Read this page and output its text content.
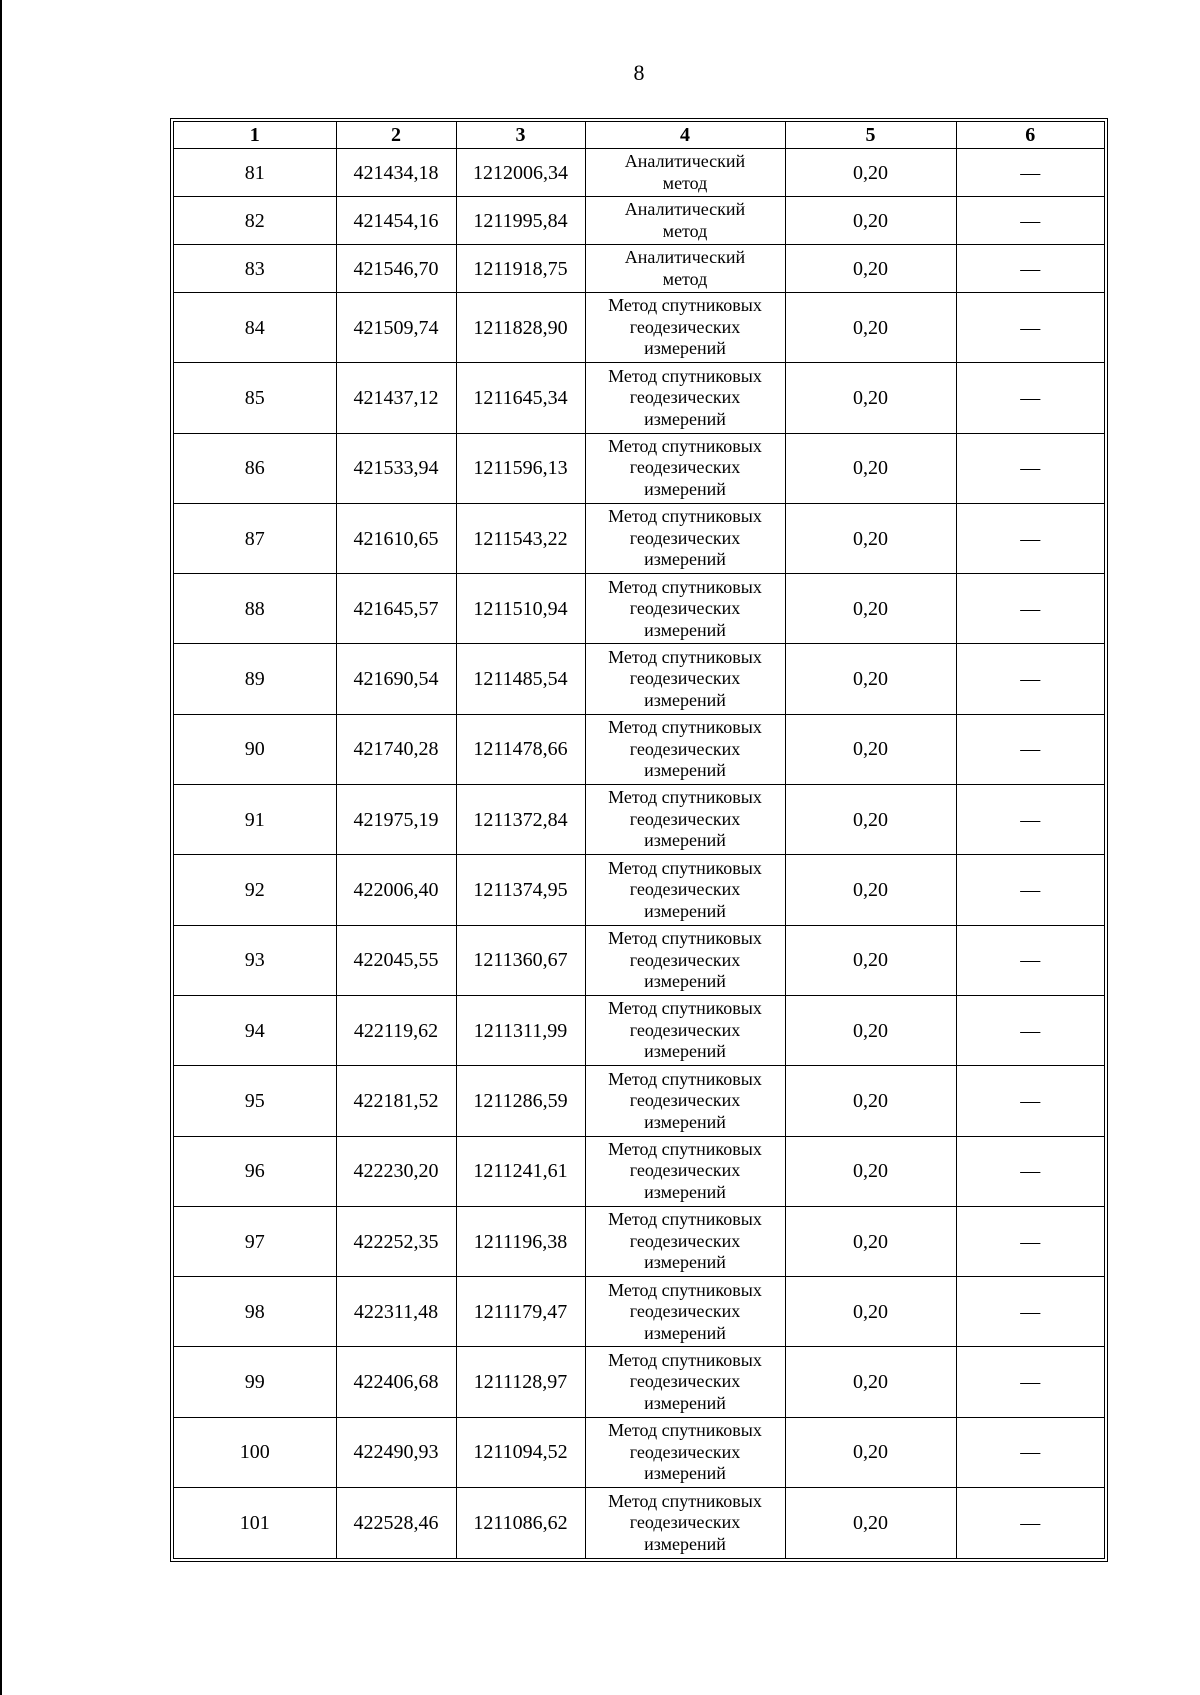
8
1	2	3	4	5	6
81	421434,18	1212006,34	Аналитический
метод	0,20	—
82	421454,16	1211995,84	Аналитический
метод	0,20	—
83	421546,70	1211918,75	Аналитический
метод	0,20	—
84	421509,74	1211828,90	Метод спутниковых
геодезических
измерений	0,20	—
85	421437,12	1211645,34	Метод спутниковых
геодезических
измерений	0,20	—
86	421533,94	1211596,13	Метод спутниковых
геодезических
измерений	0,20	—
87	421610,65	1211543,22	Метод спутниковых
геодезических
измерений	0,20	—
88	421645,57	1211510,94	Метод спутниковых
геодезических
измерений	0,20	—
89	421690,54	1211485,54	Метод спутниковых
геодезических
измерений	0,20	—
90	421740,28	1211478,66	Метод спутниковых
геодезических
измерений	0,20	—
91	421975,19	1211372,84	Метод спутниковых
геодезических
измерений	0,20	—
92	422006,40	1211374,95	Метод спутниковых
геодезических
измерений	0,20	—
93	422045,55	1211360,67	Метод спутниковых
геодезических
измерений	0,20	—
94	422119,62	1211311,99	Метод спутниковых
геодезических
измерений	0,20	—
95	422181,52	1211286,59	Метод спутниковых
геодезических
измерений	0,20	—
96	422230,20	1211241,61	Метод спутниковых
геодезических
измерений	0,20	—
97	422252,35	1211196,38	Метод спутниковых
геодезических
измерений	0,20	—
98	422311,48	1211179,47	Метод спутниковых
геодезических
измерений	0,20	—
99	422406,68	1211128,97	Метод спутниковых
геодезических
измерений	0,20	—
100	422490,93	1211094,52	Метод спутниковых
геодезических
измерений	0,20	—
101	422528,46	1211086,62	Метод спутниковых
геодезических
измерений	0,20	—
